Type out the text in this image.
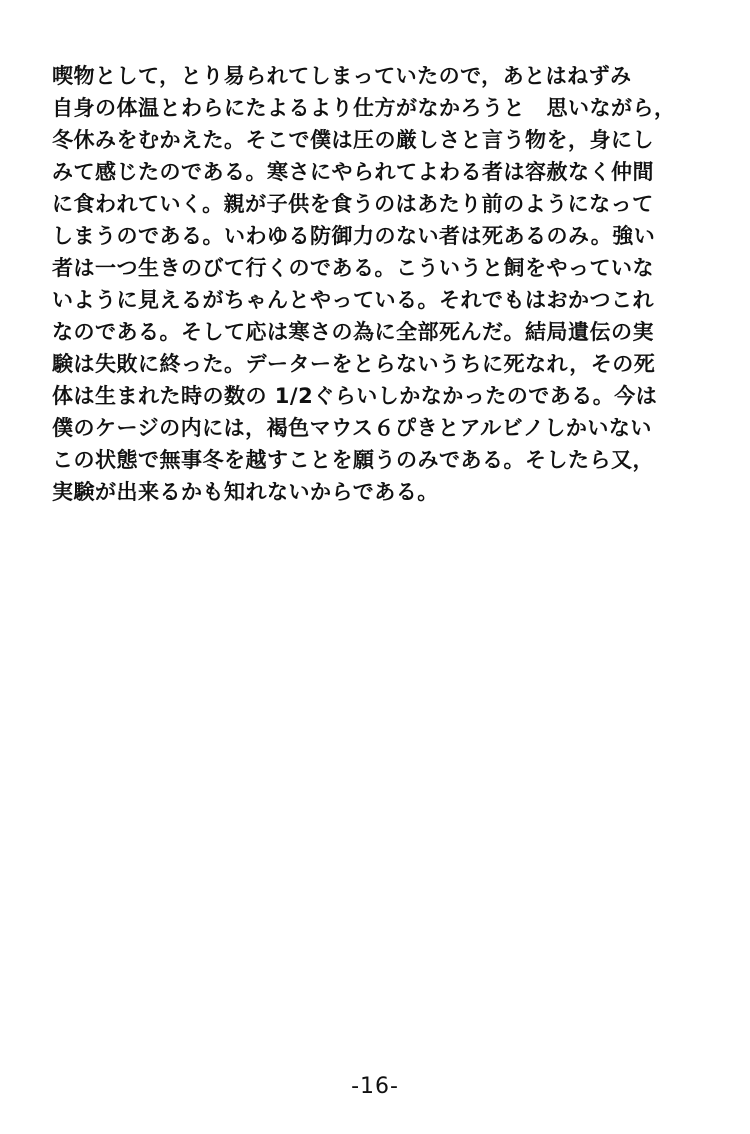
喫物として，とり易られてしまっていたので，あとはねずみ
自身の体温とわらにたよるより仕方がなかろうと　思いながら，
冬休みをむかえた。そこで僕は圧の厳しさと言う物を，身にし
みて感じたのである。寒さにやられてよわる者は容赦なく仲間
に食われていく。親が子供を食うのはあたり前のようになって
しまうのである。いわゆる防御力のない者は死あるのみ。強い
者は一つ生きのびて行くのである。こういうと飼をやっていな
いように見えるがちゃんとやっている。それでもはおかつこれ
なのである。そして応は寒さの為に全部死んだ。結局遺伝の実
験は失敗に終った。データーをとらないうちに死なれ，その死
体は生まれた時の数の 1/2ぐらいしかなかったのである。今は
僕のケージの内には，褐色マウス６ぴきとアルビノしかいない
この状態で無事冬を越すことを願うのみである。そしたら又，
実験が出来るかも知れないからである。
-16-
